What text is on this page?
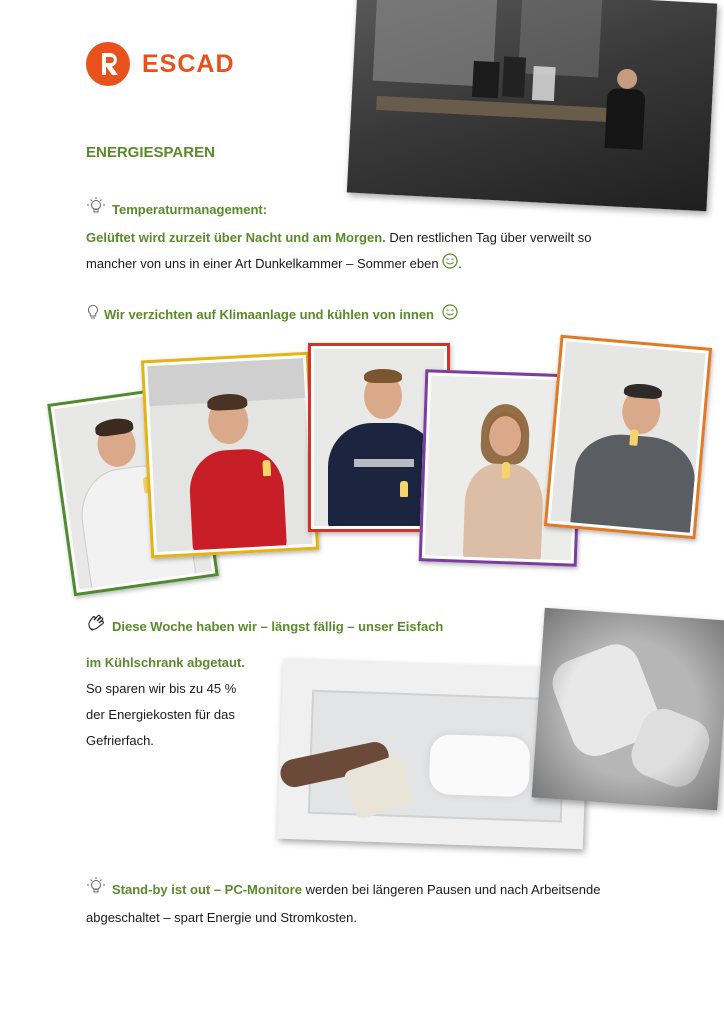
ESCAD
ENERGIESPAREN
Temperaturmanagement:
Gelüftet wird zurzeit über Nacht und am Morgen. Den restlichen Tag über verweilt so
mancher von uns in einer Art Dunkelkammer – Sommer eben .
Wir verzichten auf Klimaanlage und kühlen von innen
Diese Woche haben wir – längst fällig – unser Eisfach
im Kühlschrank abgetaut.
So sparen wir bis zu 45 %
der Energiekosten für das
Gefrierfach.
Stand-by ist out – PC-Monitore werden bei längeren Pausen und nach Arbeitsende
abgeschaltet – spart Energie und Stromkosten.
